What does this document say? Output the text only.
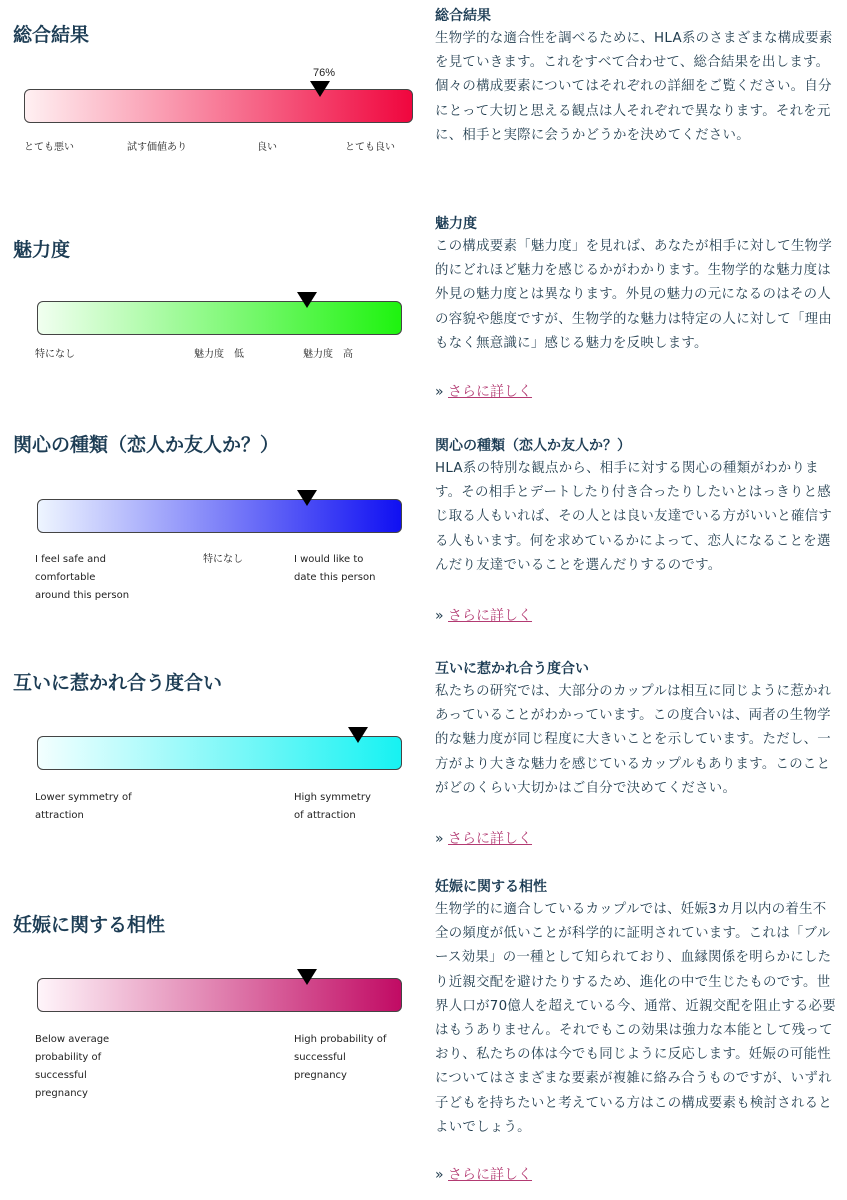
総合結果
76%
とても悪い	試す価値あり	良い	とても良い
総合結果
生物学的な適合性を調べるために、HLA系のさまざまな構成要素を見ていきます。これをすべて合わせて、総合結果を出します。個々の構成要素についてはそれぞれの詳細をご覧ください。自分にとって大切と思える観点は人それぞれで異なります。それを元に、相手と実際に会うかどうかを決めてください。
魅力度
特になし	魅力度　低	魅力度　高
魅力度
この構成要素「魅力度」を見れば、あなたが相手に対して生物学的にどれほど魅力を感じるかがわかります。生物学的な魅力度は外見の魅力度とは異なります。外見の魅力の元になるのはその人の容貌や態度ですが、生物学的な魅力は特定の人に対して「理由もなく無意識に」感じる魅力を反映します。
» さらに詳しく
関心の種類（恋人か友人か？）
I feel safe and
comfortable
around this person
特になし	I would like to
date this person
関心の種類（恋人か友人か？）
HLA系の特別な観点から、相手に対する関心の種類がわかります。その相手とデートしたり付き合ったりしたいとはっきりと感じ取る人もいれば、その人とは良い友達でいる方がいいと確信する人もいます。何を求めているかによって、恋人になることを選んだり友達でいることを選んだりするのです。
» さらに詳しく
互いに惹かれ合う度合い
Lower symmetry of
attraction
High symmetry
of attraction
互いに惹かれ合う度合い
私たちの研究では、大部分のカップルは相互に同じように惹かれあっていることがわかっています。この度合いは、両者の生物学的な魅力度が同じ程度に大きいことを示しています。ただし、一方がより大きな魅力を感じているカップルもあります。このことがどのくらい大切かはご自分で決めてください。
» さらに詳しく
妊娠に関する相性
Below average
probability of
successful
pregnancy
High probability of
successful
pregnancy
妊娠に関する相性
生物学的に適合しているカップルでは、妊娠3カ月以内の着生不全の頻度が低いことが科学的に証明されています。これは「ブルース効果」の一種として知られており、血縁関係を明らかにしたり近親交配を避けたりするため、進化の中で生じたものです。世界人口が70億人を超えている今、通常、近親交配を阻止する必要はもうありません。それでもこの効果は強力な本能として残っており、私たちの体は今でも同じように反応します。妊娠の可能性についてはさまざまな要素が複雑に絡み合うものですが、いずれ子どもを持ちたいと考えている方はこの構成要素も検討されるとよいでしょう。
» さらに詳しく
